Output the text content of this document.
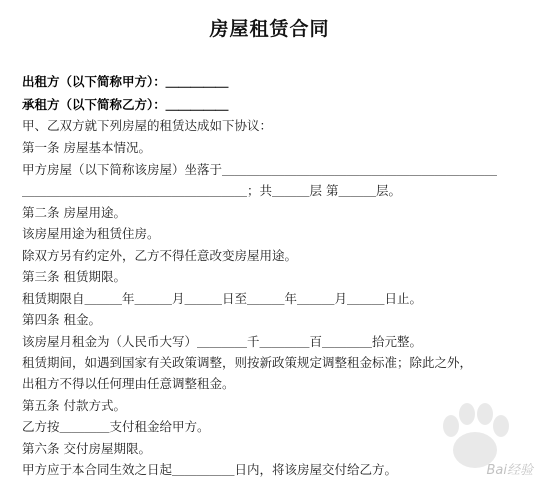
房屋租赁合同
出租方（以下简称甲方）：＿＿＿＿＿
承租方（以下简称乙方）：＿＿＿＿＿
甲、乙双方就下列房屋的租赁达成如下协议：
第一条 房屋基本情况。
甲方房屋（以下简称该房屋）坐落于＿＿＿＿＿＿＿＿＿＿＿＿＿＿＿＿＿＿＿＿＿＿
＿＿＿＿＿＿＿＿＿＿＿＿＿＿＿＿＿＿；共＿＿＿层 第＿＿＿层。
第二条 房屋用途。
该房屋用途为租赁住房。
除双方另有约定外，乙方不得任意改变房屋用途。
第三条 租赁期限。
租赁期限自＿＿＿年＿＿＿月＿＿＿日至＿＿＿年＿＿＿月＿＿＿日止。
第四条 租金。
该房屋月租金为（人民币大写）＿＿＿＿千＿＿＿＿百＿＿＿＿拾元整。
租赁期间，如遇到国家有关政策调整，则按新政策规定调整租金标准；除此之外，
出租方不得以任何理由任意调整租金。
第五条 付款方式。
乙方按＿＿＿＿支付租金给甲方。
第六条 交付房屋期限。
甲方应于本合同生效之日起＿＿＿＿＿日内，将该房屋交付给乙方。	Bai经验
